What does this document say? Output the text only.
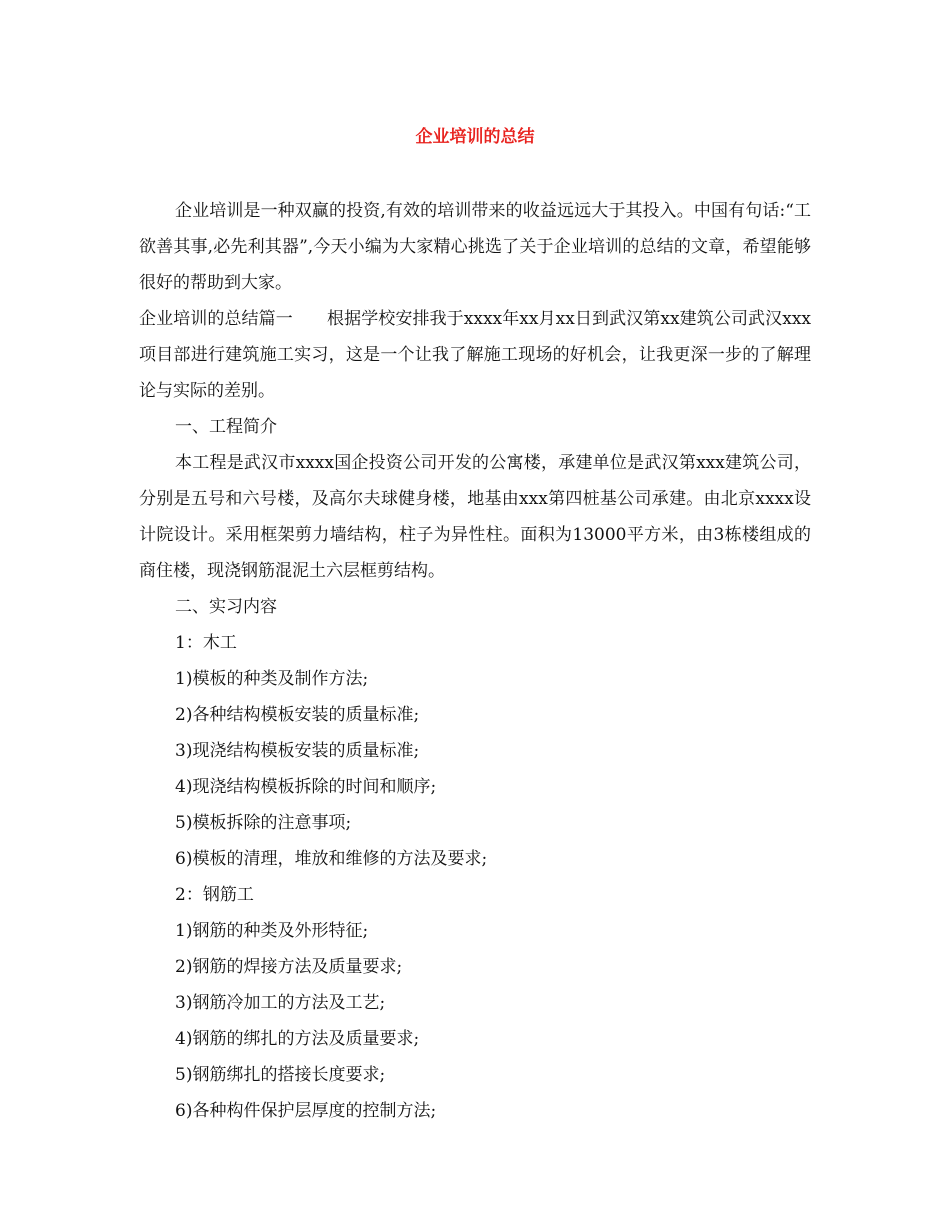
企业培训的总结

企业培训是一种双赢的投资,有效的培训带来的收益远远大于其投入。中国有句话:“工欲善其事,必先利其器”,今天小编为大家精心挑选了关于企业培训的总结的文章，希望能够很好的帮助到大家。

企业培训的总结篇一　　根据学校安排我于xxxx年xx月xx日到武汉第xx建筑公司武汉xxx项目部进行建筑施工实习，这是一个让我了解施工现场的好机会，让我更深一步的了解理论与实际的差别。

一、工程简介

本工程是武汉市xxxx国企投资公司开发的公寓楼，承建单位是武汉第xxx建筑公司，分别是五号和六号楼，及高尔夫球健身楼，地基由xxx第四桩基公司承建。由北京xxxx设计院设计。采用框架剪力墙结构，柱子为异性柱。面积为13000平方米，由3栋楼组成的商住楼，现浇钢筋混泥土六层框剪结构。

二、实习内容

1：木工

1)模板的种类及制作方法;

2)各种结构模板安装的质量标准;

3)现浇结构模板安装的质量标准;

4)现浇结构模板拆除的时间和顺序;

5)模板拆除的注意事项;

6)模板的清理，堆放和维修的方法及要求;

2：钢筋工

1)钢筋的种类及外形特征;

2)钢筋的焊接方法及质量要求;

3)钢筋冷加工的方法及工艺;

4)钢筋的绑扎的方法及质量要求;

5)钢筋绑扎的搭接长度要求;

6)各种构件保护层厚度的控制方法;
